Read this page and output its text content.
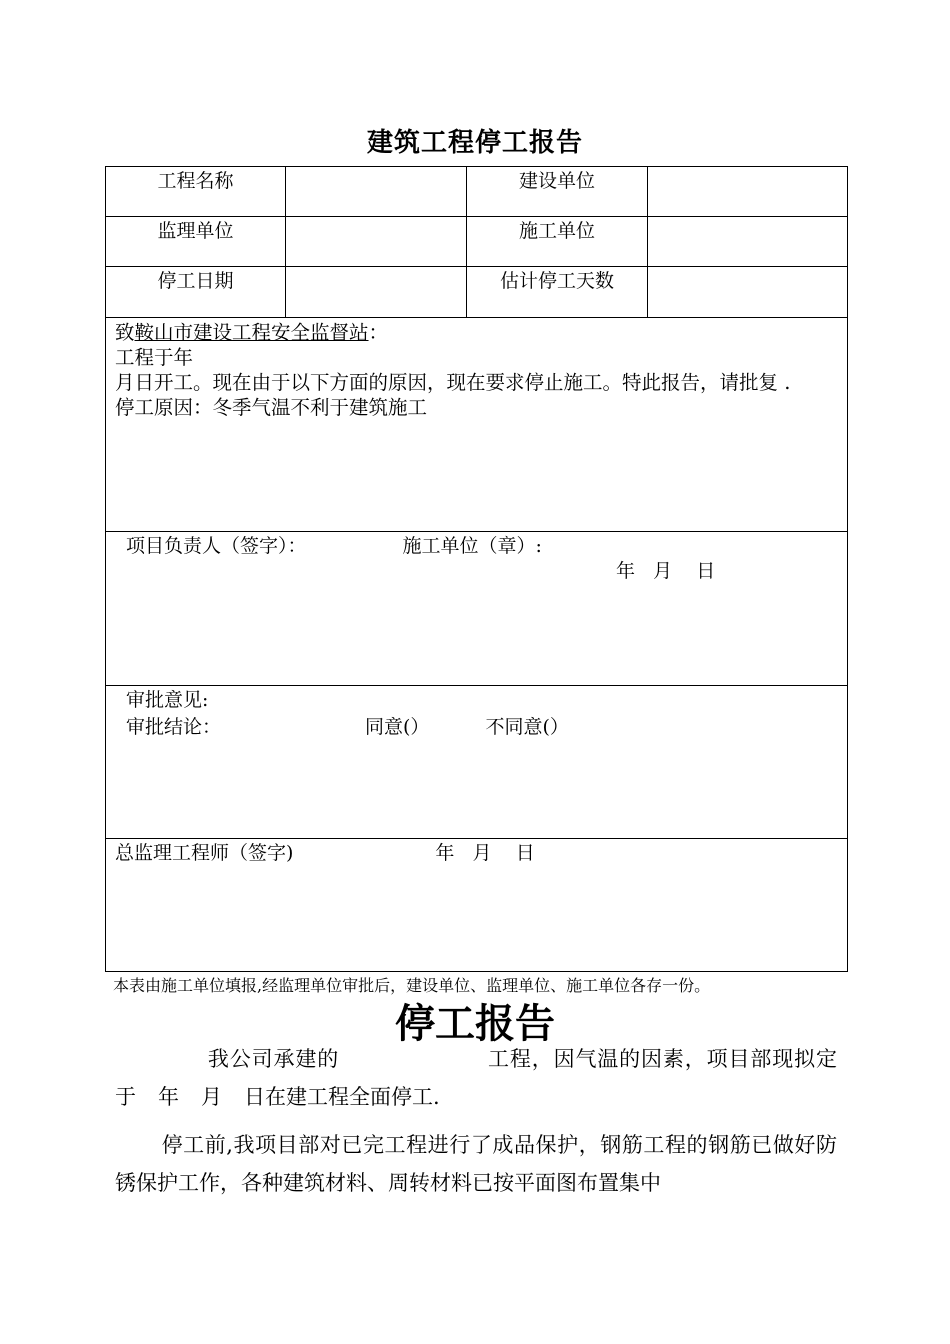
建筑工程停工报告
工程名称		建设单位	
监理单位		施工单位	
停工日期		估计停工天数	

致鞍山市建设工程安全监督站：
工程于年
月日开工。现在由于以下方面的原因，现在要求停止施工。特此报告，请批复 .
停工原因：冬季气温不利于建筑施工			

项目负责人（签字）： 施工单位（章）:
年   月    日			

审批意见:
审批结论： 同意(） 不同意(）			

总监理工程师（签字) 年   月    日			
本表由施工单位填报,经监理单位审批后，建设单位、监理单位、施工单位各存一份。
停工报告
我公司承建的	工程，因气温的因素，项目部现拟定于 年 月 日在建工程全面停工.
停工前,我项目部对已完工程进行了成品保护，钢筋工程的钢筋已做好防锈保护工作，各种建筑材料、周转材料已按平面图布置集中
